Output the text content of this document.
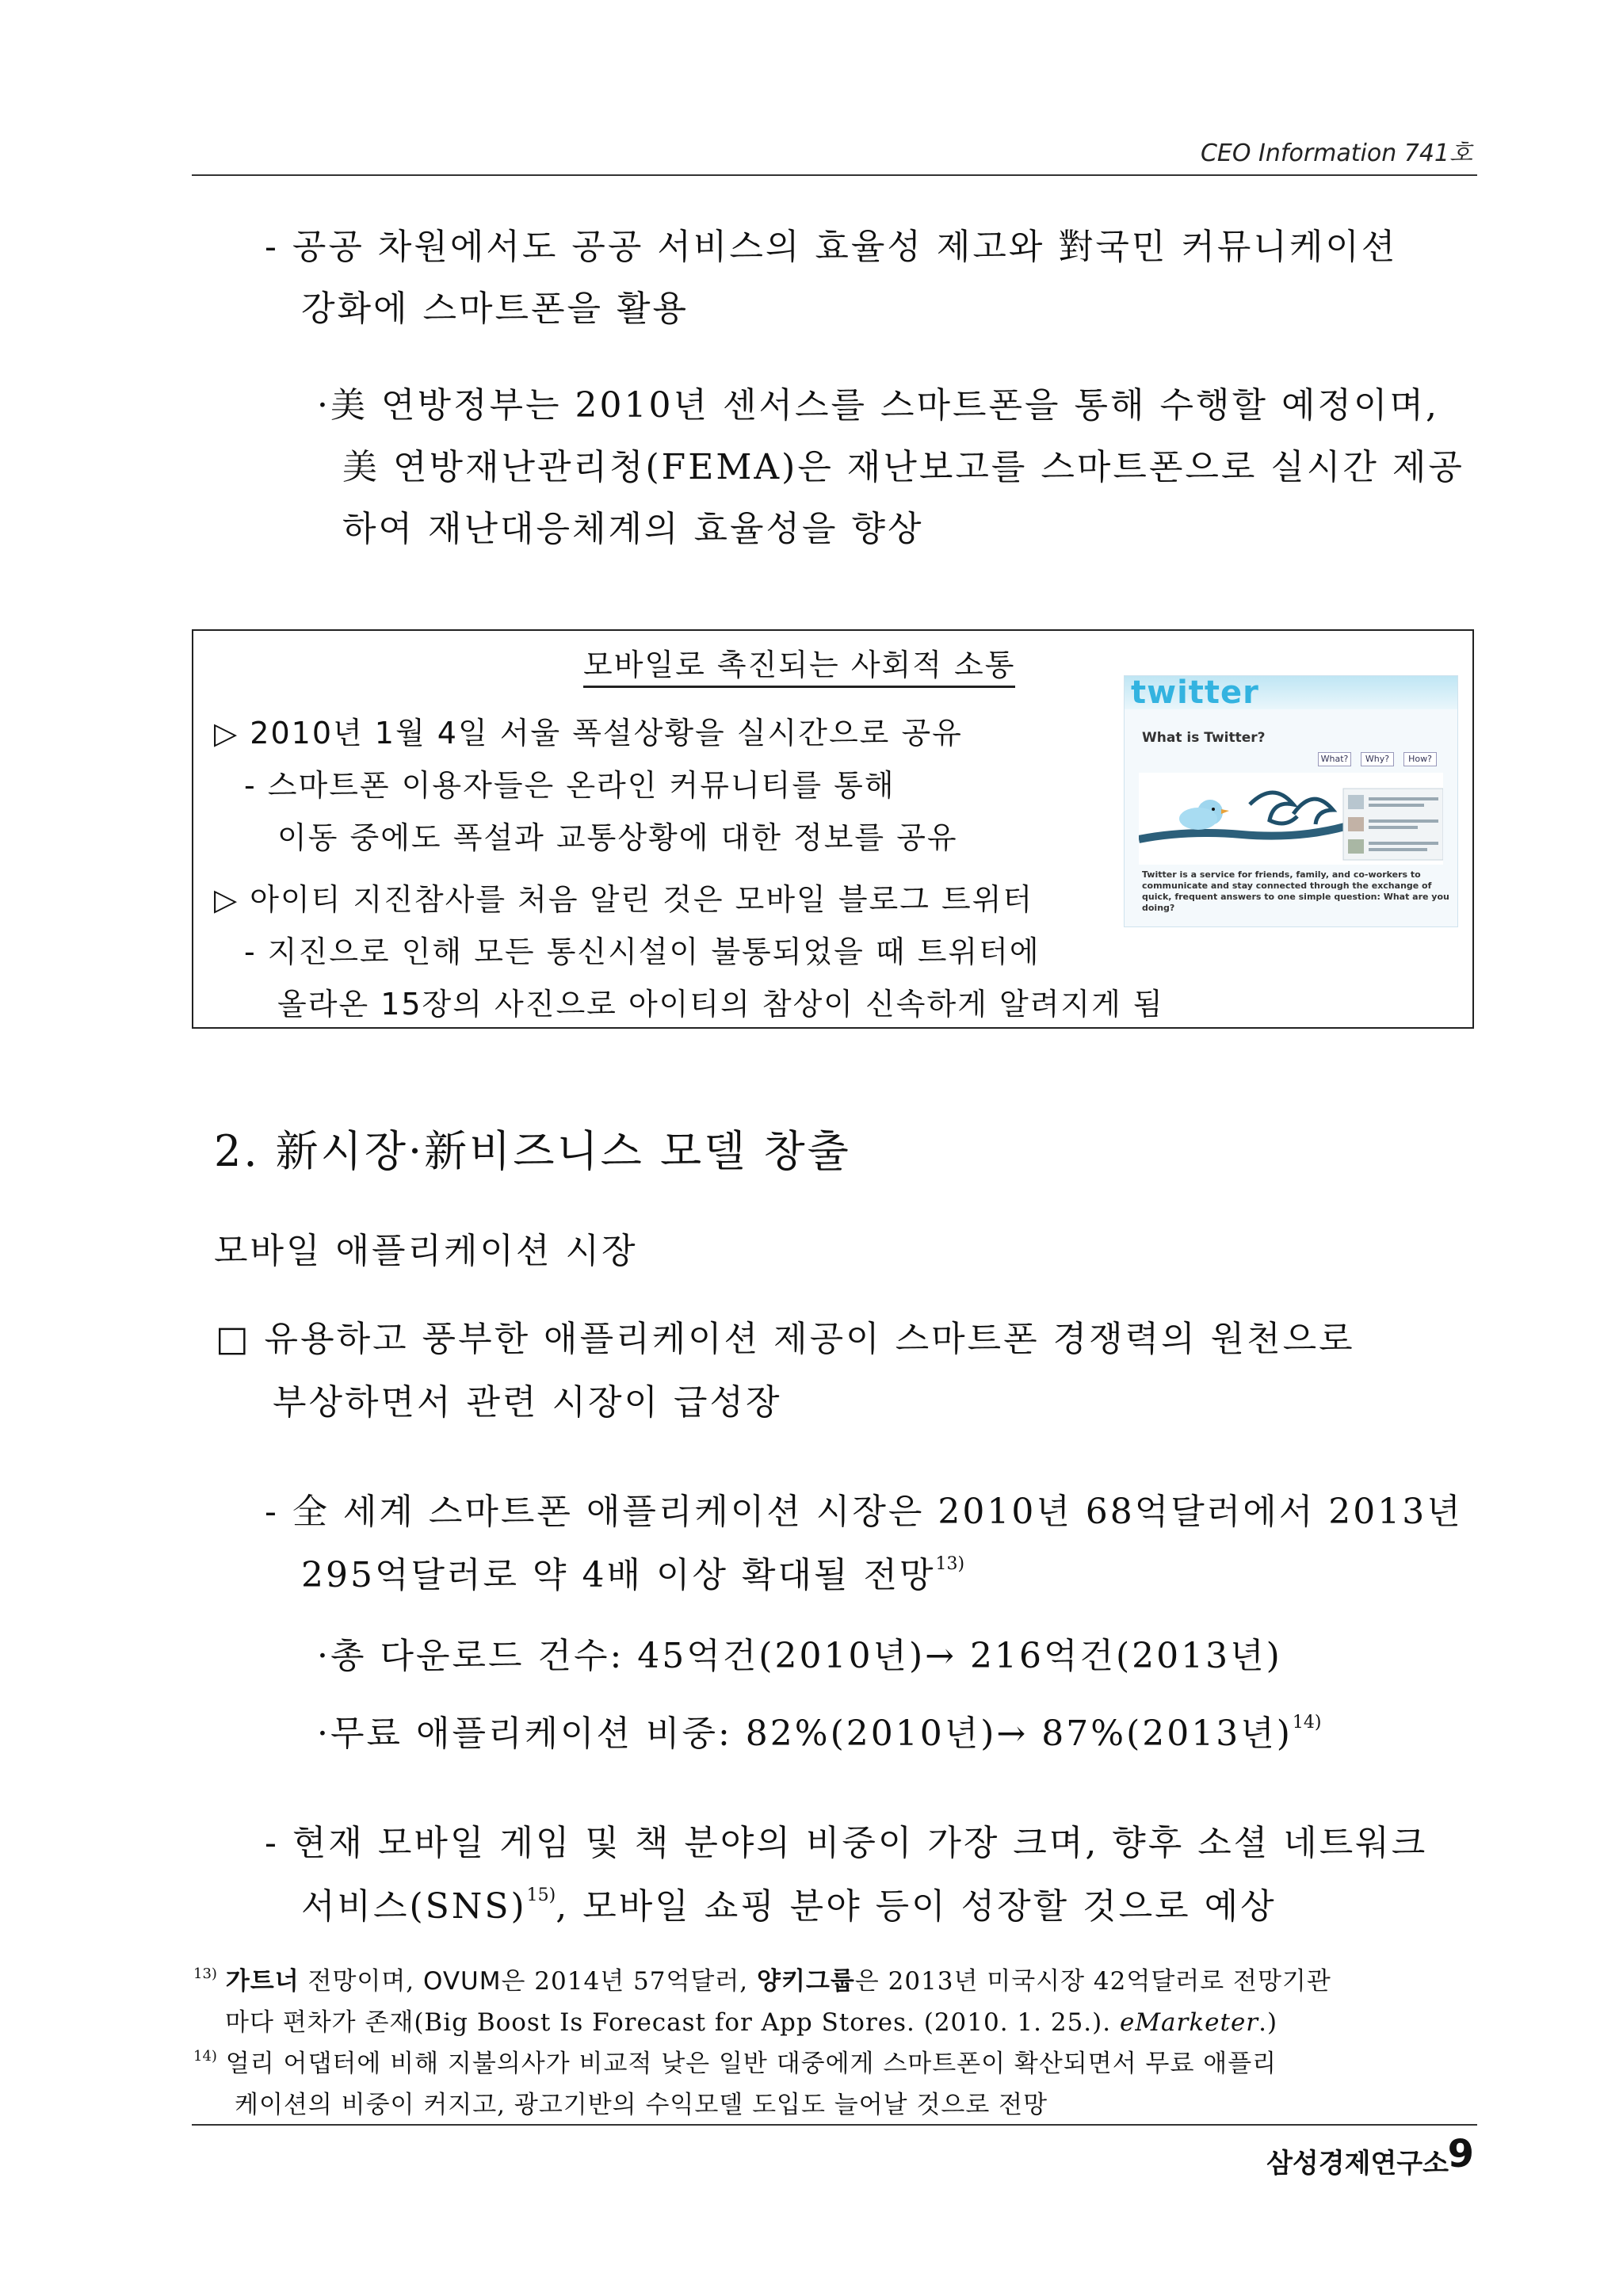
CEO Information 741호
- 공공 차원에서도 공공 서비스의 효율성 제고와 對국민 커뮤니케이션
강화에 스마트폰을 활용
·美 연방정부는 2010년 센서스를 스마트폰을 통해 수행할 예정이며,
美 연방재난관리청(FEMA)은 재난보고를 스마트폰으로 실시간 제공
하여 재난대응체계의 효율성을 향상
모바일로 촉진되는 사회적 소통
▷ 2010년 1월 4일 서울 폭설상황을 실시간으로 공유
- 스마트폰 이용자들은 온라인 커뮤니티를 통해
이동 중에도 폭설과 교통상황에 대한 정보를 공유
▷ 아이티 지진참사를 처음 알린 것은 모바일 블로그 트위터
- 지진으로 인해 모든 통신시설이 불통되었을 때 트위터에
올라온 15장의 사진으로 아이티의 참상이 신속하게 알려지게 됨
twitter
What is Twitter?
What?	Why?	How?
Twitter is a service for friends, family, and co-workers to communicate and stay connected through the exchange of quick, frequent answers to one simple question: What are you doing?
2. 新시장·新비즈니스 모델 창출
모바일 애플리케이션 시장
□ 유용하고 풍부한 애플리케이션 제공이 스마트폰 경쟁력의 원천으로
부상하면서 관련 시장이 급성장
- 全 세계 스마트폰 애플리케이션 시장은 2010년 68억달러에서 2013년
295억달러로 약 4배 이상 확대될 전망$^{13)}$
·총 다운로드 건수: 45억건(2010년)→ 216억건(2013년)
·무료 애플리케이션 비중: 82%(2010년)→ 87%(2013년)$^{14)}$
- 현재 모바일 게임 및 책 분야의 비중이 가장 크며, 향후 소셜 네트워크
서비스(SNS)$^{15)}$, 모바일 쇼핑 분야 등이 성장할 것으로 예상
$^{13)}$ 가트너 전망이며, OVUM은 2014년 57억달러, 양키그룹은 2013년 미국시장 42억달러로 전망기관
마다 편차가 존재(Big Boost Is Forecast for App Stores. (2010. 1. 25.). eMarketer.)
$^{14)}$ 얼리 어댑터에 비해 지불의사가 비교적 낮은 일반 대중에게 스마트폰이 확산되면서 무료 애플리
케이션의 비중이 커지고, 광고기반의 수익모델 도입도 늘어날 것으로 전망
삼성경제연구소
9
